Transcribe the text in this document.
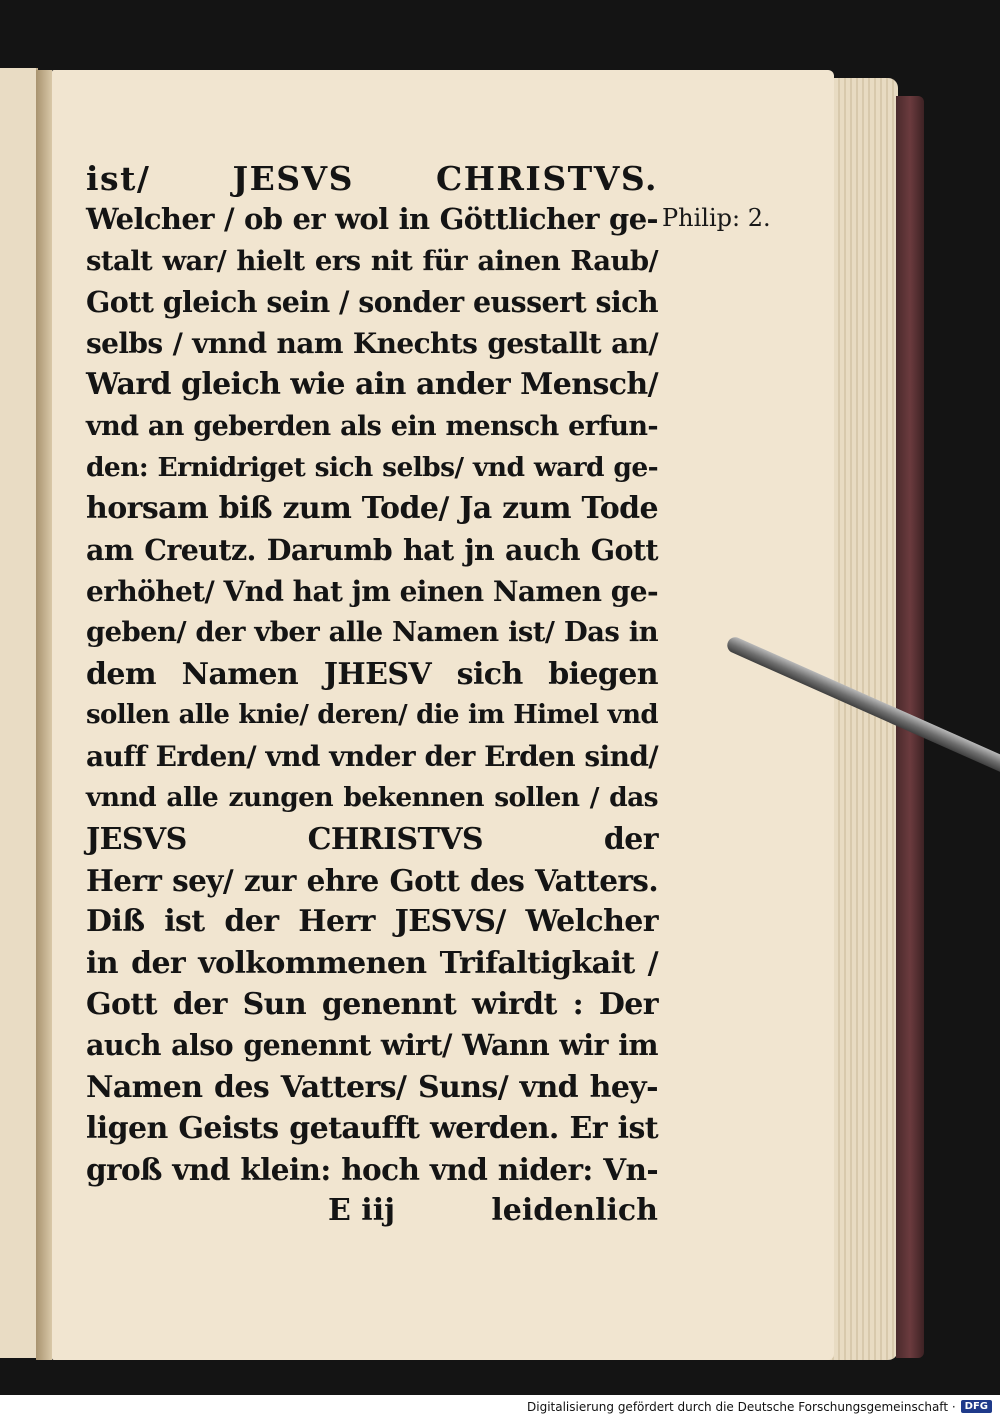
ist/ JESVS CHRISTVS.
Welcher / ob er wol in Göttlicher ge-
stalt war/ hielt ers nit für ainen Raub/
Gott gleich sein / sonder eussert sich
selbs / vnnd nam Knechts gestallt an/
Ward gleich wie ain ander Mensch/
vnd an geberden als ein mensch erfun-
den: Ernidriget sich selbs/ vnd ward ge-
horsam biß zum Tode/ Ja zum Tode
am Creutz. Darumb hat jn auch Gott
erhöhet/ Vnd hat jm einen Namen ge-
geben/ der vber alle Namen ist/ Das in
dem Namen JHESV sich biegen
sollen alle knie/ deren/ die im Himel vnd
auff Erden/ vnd vnder der Erden sind/
vnnd alle zungen bekennen sollen / das
JESVS CHRISTVS der
Herr sey/ zur ehre Gott des Vatters.
Diß ist der Herr JESVS/ Welcher
in der volkommenen Trifaltigkait /
Gott der Sun genennt wirdt : Der
auch also genennt wirt/ Wann wir im
Namen des Vatters/ Suns/ vnd hey-
ligen Geists getaufft werden. Er ist
groß vnd klein: hoch vnd nider: Vn-
E iij	leidenlich
Philip: 2.
Digitalisierung gefördert durch die Deutsche Forschungsgemeinschaft · DFG
